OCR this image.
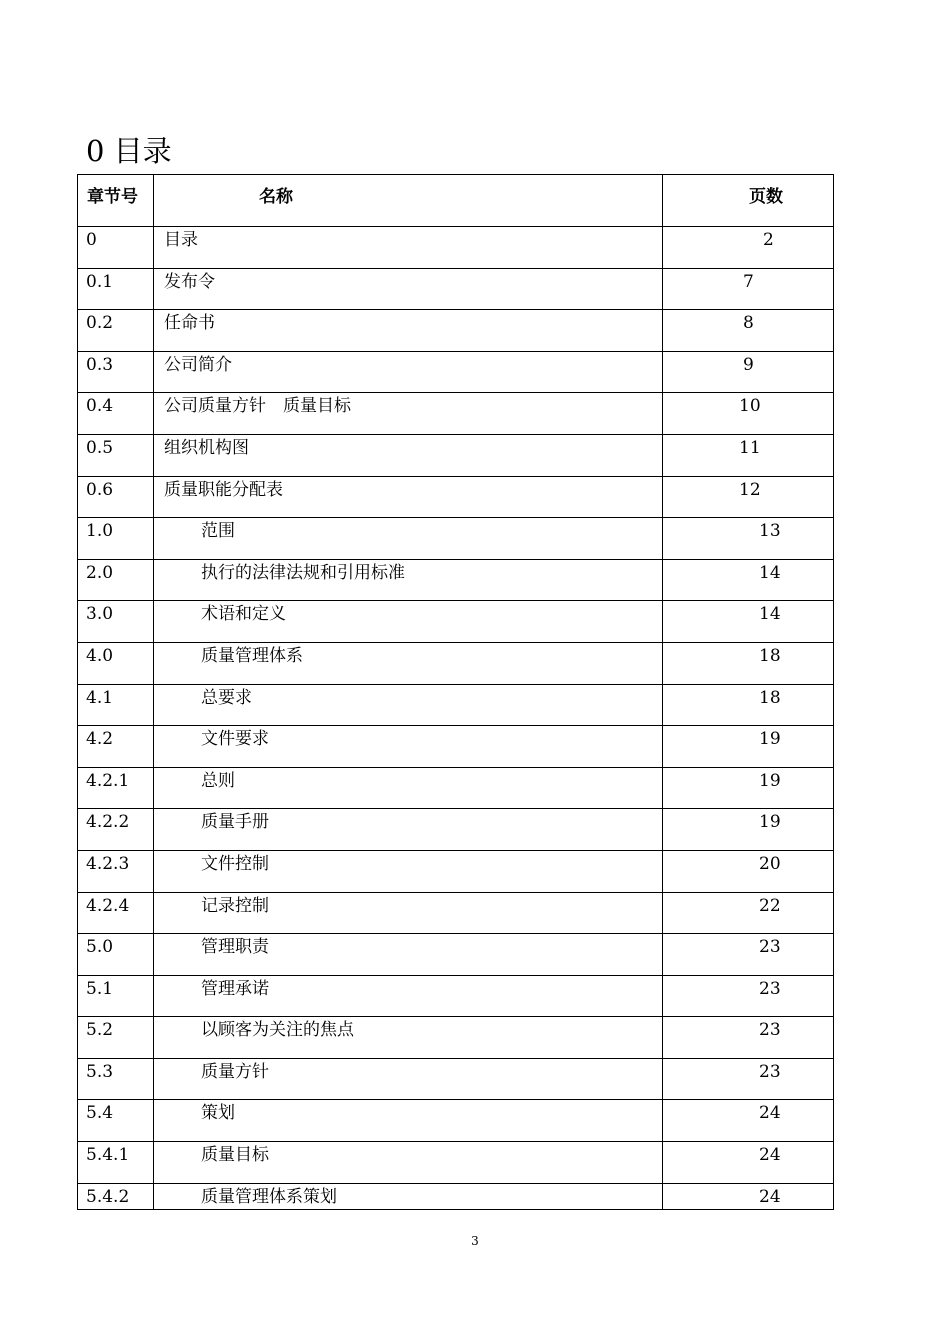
0 目录
章节号	名称	页数

0	目录	2

0.1	发布令	7

0.2	任命书	8

0.3	公司简介	9

0.4	公司质量方针　质量目标	10

0.5	组织机构图	11

0.6	质量职能分配表	12

1.0	范围	13

2.0	执行的法律法规和引用标准	14

3.0	术语和定义	14

4.0	质量管理体系	18

4.1	总要求	18

4.2	文件要求	19

4.2.1	总则	19

4.2.2	质量手册	19

4.2.3	文件控制	20

4.2.4	记录控制	22

5.0	管理职责	23

5.1	管理承诺	23

5.2	以顾客为关注的焦点	23

5.3	质量方针	23

5.4	策划	24

5.4.1	质量目标	24

5.4.2	质量管理体系策划	24
3
